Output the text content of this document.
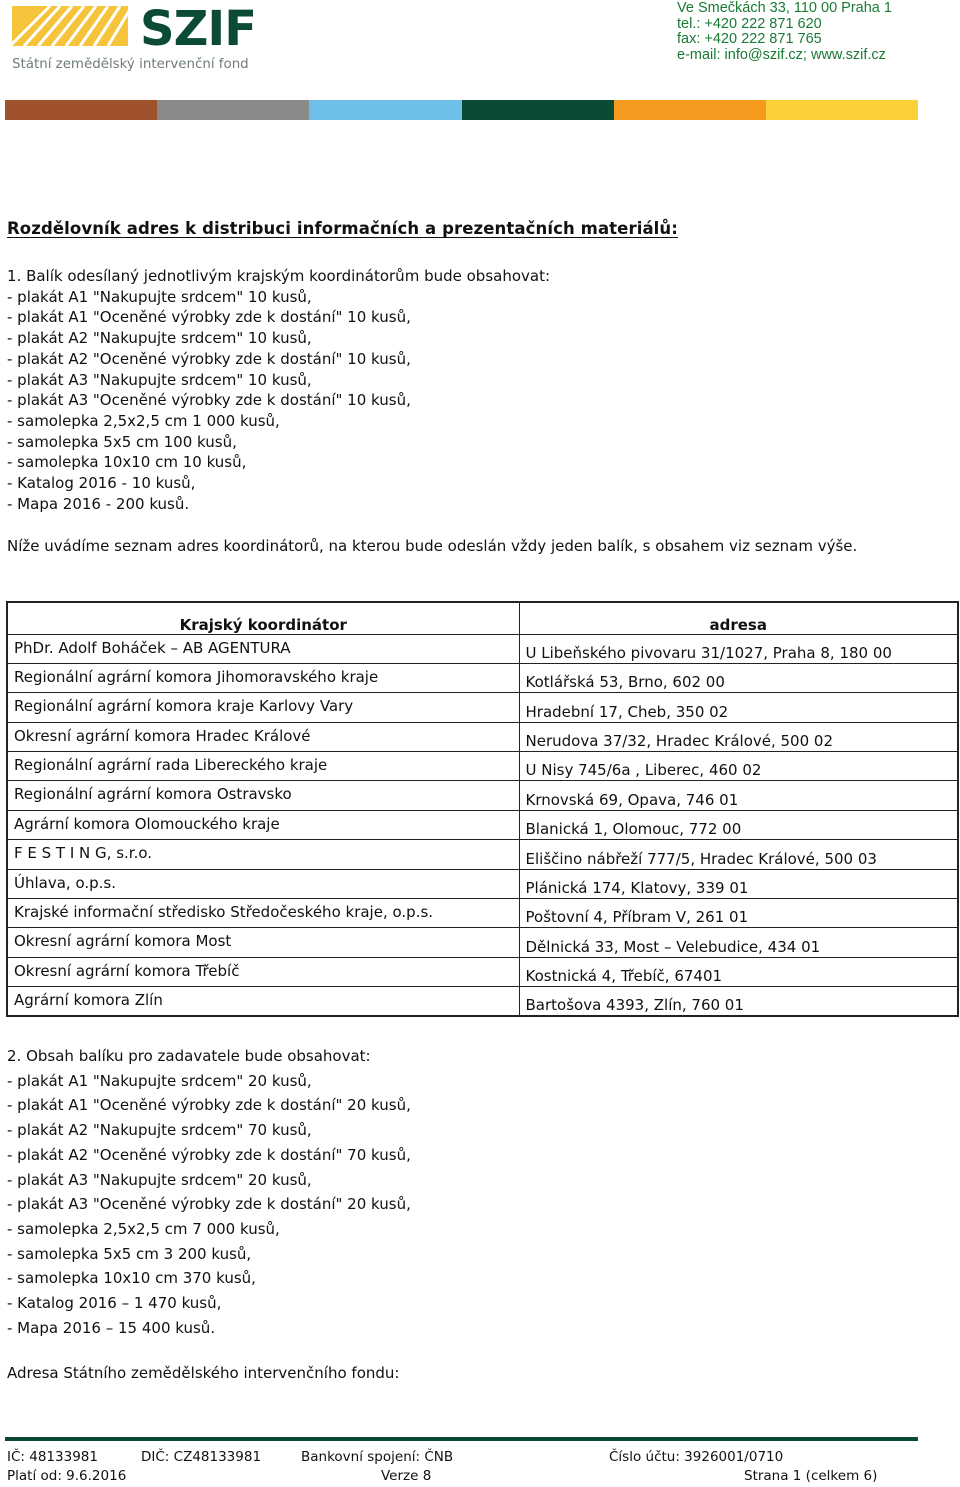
SZIF
Státní zemědělský intervenční fond
Ve Smečkách 33, 110 00 Praha 1
tel.: +420 222 871 620
fax: +420 222 871 765
e-mail: info@szif.cz; www.szif.cz
Rozdělovník adres k distribuci informačních a prezentačních materiálů:
1. Balík odesílaný jednotlivým krajským koordinátorům bude obsahovat:
- plakát A1 "Nakupujte srdcem" 10 kusů,
- plakát A1 "Oceněné výrobky zde k dostání" 10 kusů,
- plakát A2 "Nakupujte srdcem" 10 kusů,
- plakát A2 "Oceněné výrobky zde k dostání" 10 kusů,
- plakát A3 "Nakupujte srdcem" 10 kusů,
- plakát A3 "Oceněné výrobky zde k dostání" 10 kusů,
- samolepka 2,5x2,5 cm 1 000 kusů,
- samolepka 5x5 cm 100 kusů,
- samolepka 10x10 cm 10 kusů,
- Katalog 2016 - 10 kusů,
- Mapa 2016 - 200 kusů.
Níže uvádíme seznam adres koordinátorů, na kterou bude odeslán vždy jeden balík, s obsahem viz seznam výše.
Krajský koordinátor	adresa
PhDr. Adolf Boháček – AB AGENTURA	U Libeňského pivovaru 31/1027, Praha 8, 180 00
Regionální agrární komora Jihomoravského kraje	Kotlářská 53, Brno, 602 00
Regionální agrární komora kraje Karlovy Vary	Hradební 17, Cheb, 350 02
Okresní agrární komora Hradec Králové	Nerudova 37/32, Hradec Králové, 500 02
Regionální agrární rada Libereckého kraje	U Nisy 745/6a , Liberec, 460 02
Regionální agrární komora Ostravsko	Krnovská 69, Opava, 746 01
Agrární komora Olomouckého kraje	Blanická 1, Olomouc, 772 00
F E S T I N G, s.r.o.	Eliščino nábřeží 777/5, Hradec Králové, 500 03
Úhlava, o.p.s.	Plánická 174, Klatovy, 339 01
Krajské informační středisko Středočeského kraje, o.p.s.	Poštovní 4, Příbram V, 261 01
Okresní agrární komora Most	Dělnická 33, Most – Velebudice, 434 01
Okresní agrární komora Třebíč	Kostnická 4, Třebíč, 67401
Agrární komora Zlín	Bartošova 4393, Zlín, 760 01
2. Obsah balíku pro zadavatele bude obsahovat:
- plakát A1 "Nakupujte srdcem" 20 kusů,
- plakát A1 "Oceněné výrobky zde k dostání" 20 kusů,
- plakát A2 "Nakupujte srdcem" 70 kusů,
- plakát A2 "Oceněné výrobky zde k dostání" 70 kusů,
- plakát A3 "Nakupujte srdcem" 20 kusů,
- plakát A3 "Oceněné výrobky zde k dostání" 20 kusů,
- samolepka 2,5x2,5 cm 7 000 kusů,
- samolepka 5x5 cm 3 200 kusů,
- samolepka 10x10 cm 370 kusů,
- Katalog 2016 – 1 470 kusů,
- Mapa 2016 – 15 400 kusů.
Adresa Státního zemědělského intervenčního fondu:
IČ: 48133981	DIČ: CZ48133981	Bankovní spojení: ČNB	Číslo účtu: 3926001/0710
Platí od: 9.6.2016	Verze 8	Strana 1 (celkem 6)
